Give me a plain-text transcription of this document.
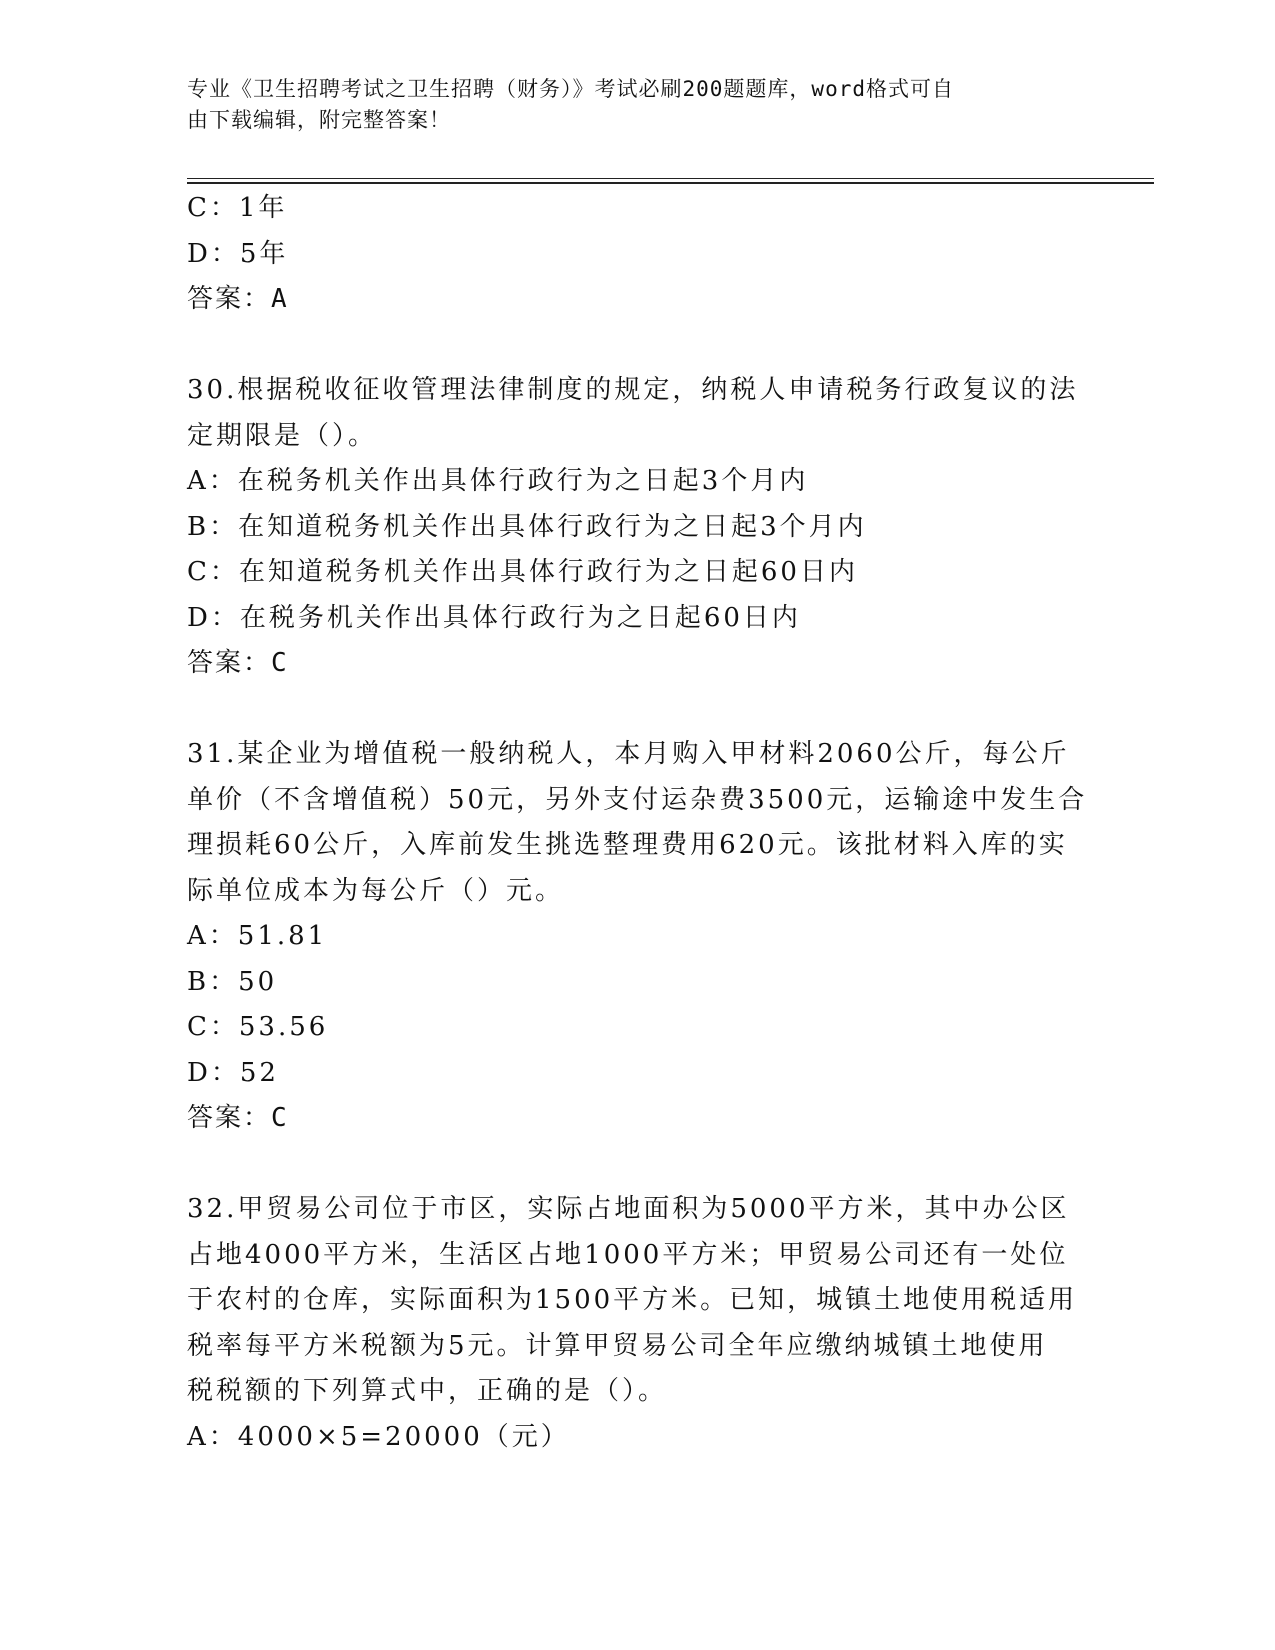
专业《卫生招聘考试之卫生招聘（财务）》考试必刷200题题库，word格式可自
由下载编辑，附完整答案！
C：1年
D：5年
答案：A
30.根据税收征收管理法律制度的规定，纳税人申请税务行政复议的法
定期限是（）。
A：在税务机关作出具体行政行为之日起3个月内
B：在知道税务机关作出具体行政行为之日起3个月内
C：在知道税务机关作出具体行政行为之日起60日内
D：在税务机关作出具体行政行为之日起60日内
答案：C
31.某企业为增值税一般纳税人，本月购入甲材料2060公斤，每公斤
单价（不含增值税）50元，另外支付运杂费3500元，运输途中发生合
理损耗60公斤，入库前发生挑选整理费用620元。该批材料入库的实
际单位成本为每公斤（）元。
A：51.81
B：50
C：53.56
D：52
答案：C
32.甲贸易公司位于市区，实际占地面积为5000平方米，其中办公区
占地4000平方米，生活区占地1000平方米；甲贸易公司还有一处位
于农村的仓库，实际面积为1500平方米。已知，城镇土地使用税适用
税率每平方米税额为5元。计算甲贸易公司全年应缴纳城镇土地使用
税税额的下列算式中，正确的是（）。
A：4000×5=20000（元）
